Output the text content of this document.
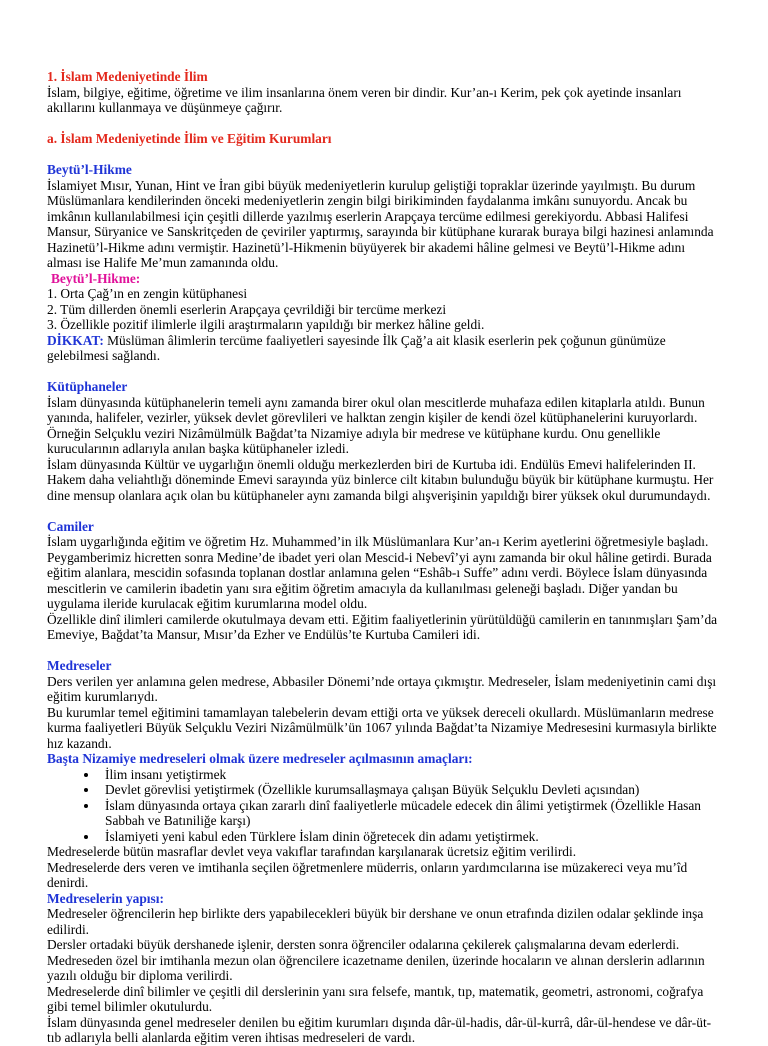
1. İslam Medeniyetinde İlim

İslam, bilgiye, eğitime, öğretime ve ilim insanlarına önem veren bir dindir. Kur’an-ı Kerim, pek çok ayetinde insanları akıllarını kullanmaya ve düşünmeye çağırır.

a. İslam Medeniyetinde İlim ve Eğitim Kurumları

Beytü’l-Hikme

İslamiyet Mısır, Yunan, Hint ve İran gibi büyük medeniyetlerin kurulup geliştiği topraklar üzerinde yayılmıştı. Bu durum Müslümanlara kendilerinden önceki medeniyetlerin zengin bilgi birikiminden faydalanma imkânı sunuyordu. Ancak bu imkânın kullanılabilmesi için çeşitli dillerde yazılmış eserlerin Arapçaya tercüme edilmesi gerekiyordu. Abbasi Halifesi Mansur, Süryanice ve Sanskritçeden de çeviriler yaptırmış, sarayında bir kütüphane kurarak buraya bilgi hazinesi anlamında Hazinetü’l-Hikme adını vermiştir. Hazinetü’l-Hikmenin büyüyerek bir akademi hâline gelmesi ve Beytü’l-Hikme adını alması ise Halife Me’mun zamanında oldu.

Beytü’l-Hikme:

1. Orta Çağ’ın en zengin kütüphanesi

2. Tüm dillerden önemli eserlerin Arapçaya çevrildiği bir tercüme merkezi

3. Özellikle pozitif ilimlerle ilgili araştırmaların yapıldığı bir merkez hâline geldi.

DİKKAT: Müslüman âlimlerin tercüme faaliyetleri sayesinde İlk Çağ’a ait klasik eserlerin pek çoğunun günümüze gelebilmesi sağlandı.

Kütüphaneler

İslam dünyasında kütüphanelerin temeli aynı zamanda birer okul olan mescitlerde muhafaza edilen kitaplarla atıldı. Bunun yanında, halifeler, vezirler, yüksek devlet görevlileri ve halktan zengin kişiler de kendi özel kütüphanelerini kuruyorlardı. Örneğin Selçuklu veziri Nizâmülmülk Bağdat’ta Nizamiye adıyla bir medrese ve kütüphane kurdu. Onu genellikle kurucularının adlarıyla anılan başka kütüphaneler izledi.

İslam dünyasında Kültür ve uygarlığın önemli olduğu merkezlerden biri de Kurtuba idi. Endülüs Emevi halifelerinden II. Hakem daha veliahtlığı döneminde Emevi sarayında yüz binlerce cilt kitabın bulunduğu büyük bir kütüphane kurmuştu. Her dine mensup olanlara açık olan bu kütüphaneler aynı zamanda bilgi alışverişinin yapıldığı birer yüksek okul durumundaydı.

Camiler

İslam uygarlığında eğitim ve öğretim Hz. Muhammed’in ilk Müslümanlara Kur’an-ı Kerim ayetlerini öğretmesiyle başladı. Peygamberimiz hicretten sonra Medine’de ibadet yeri olan Mescid-i Nebevî’yi aynı zamanda bir okul hâline getirdi. Burada eğitim alanlara, mescidin sofasında toplanan dostlar anlamına gelen “Eshâb-ı Suffe” adını verdi. Böylece İslam dünyasında mescitlerin ve camilerin ibadetin yanı sıra eğitim öğretim amacıyla da kullanılması geleneği başladı. Diğer yandan bu uygulama ileride kurulacak eğitim kurumlarına model oldu.

Özellikle dinî ilimleri camilerde okutulmaya devam etti. Eğitim faaliyetlerinin yürütüldüğü camilerin en tanınmışları Şam’da Emeviye, Bağdat’ta Mansur, Mısır’da Ezher ve Endülüs’te Kurtuba Camileri idi.

Medreseler

Ders verilen yer anlamına gelen medrese, Abbasiler Dönemi’nde ortaya çıkmıştır. Medreseler, İslam medeniyetinin cami dışı eğitim kurumlarıydı.

Bu kurumlar temel eğitimini tamamlayan talebelerin devam ettiği orta ve yüksek dereceli okullardı. Müslümanların medrese kurma faaliyetleri Büyük Selçuklu Veziri Nizâmülmülk’ün 1067 yılında Bağdat’ta Nizamiye Medresesini kurmasıyla birlikte hız kazandı.

Başta Nizamiye medreseleri olmak üzere medreseler açılmasının amaçları:

• İlim insanı yetiştirmek
• Devlet görevlisi yetiştirmek (Özellikle kurumsallaşmaya çalışan Büyük Selçuklu Devleti açısından)
• İslam dünyasında ortaya çıkan zararlı dinî faaliyetlerle mücadele edecek din âlimi yetiştirmek (Özellikle Hasan Sabbah ve Batıniliğe karşı)
• İslamiyeti yeni kabul eden Türklere İslam dinin öğretecek din adamı yetiştirmek.

Medreselerde bütün masraflar devlet veya vakıflar tarafından karşılanarak ücretsiz eğitim verilirdi.

Medreselerde ders veren ve imtihanla seçilen öğretmenlere müderris, onların yardımcılarına ise müzakereci veya mu’îd denirdi.

Medreselerin yapısı:

Medreseler öğrencilerin hep birlikte ders yapabilecekleri büyük bir dershane ve onun etrafında dizilen odalar şeklinde inşa edilirdi.

Dersler ortadaki büyük dershanede işlenir, dersten sonra öğrenciler odalarına çekilerek çalışmalarına devam ederlerdi.

Medreseden özel bir imtihanla mezun olan öğrencilere icazetname denilen, üzerinde hocaların ve alınan derslerin adlarının yazılı olduğu bir diploma verilirdi.

Medreselerde dinî bilimler ve çeşitli dil derslerinin yanı sıra felsefe, mantık, tıp, matematik, geometri, astronomi, coğrafya gibi temel bilimler okutulurdu.

İslam dünyasında genel medreseler denilen bu eğitim kurumları dışında dâr-ül-hadis, dâr-ül-kurrâ, dâr-ül-hendese ve dâr-üt-tıb adlarıyla belli alanlarda eğitim veren ihtisas medreseleri de vardı.
